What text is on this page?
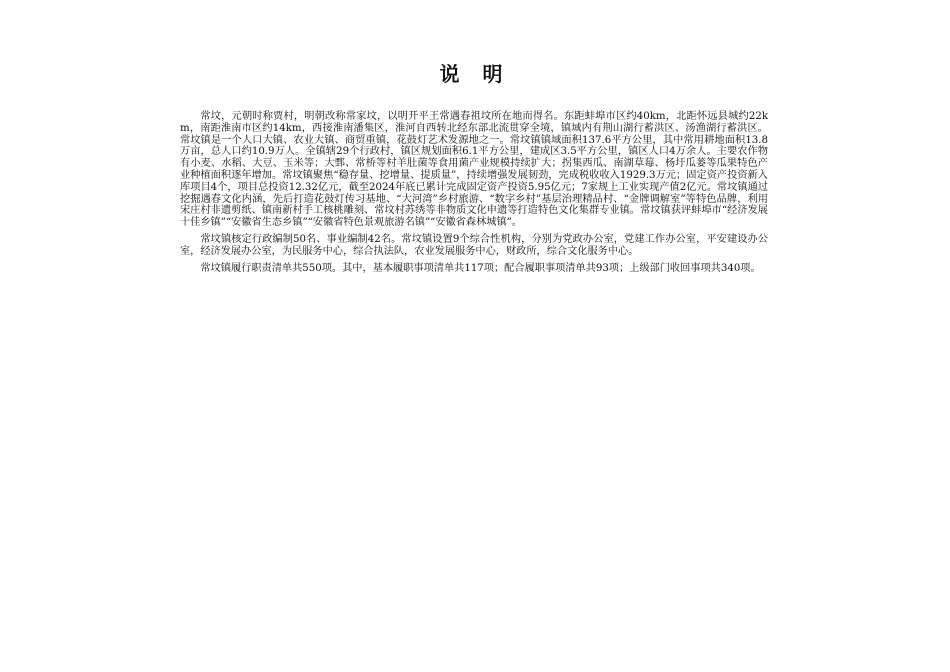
说 明

常坟，元朝时称贾村，明朝改称常家坟，以明开平王常遇春祖坟所在地而得名。东距蚌埠市区约40km，北距怀远县城约22km，南距淮南市区约14km，西接淮南潘集区，淮河自西转北经东部北流贯穿全境，镇域内有荆山湖行蓄洪区、汤渔湖行蓄洪区。常坟镇是一个人口大镇、农业大镇、商贸重镇，花鼓灯艺术发源地之一。常坟镇镇域面积137.6平方公里，其中常用耕地面积13.8万亩，总人口约10.9万人。全镇辖29个行政村，镇区规划面积6.1平方公里，建成区3.5平方公里，镇区人口4万余人。主要农作物有小麦、水稻、大豆、玉米等；大鄄、常桥等村羊肚菌等食用菌产业规模持续扩大；拐集西瓜、南湖草莓、杨圩瓜蒌等瓜果特色产业种植面积逐年增加。常坟镇聚焦“稳存量、挖增量、提质量”，持续增强发展韧劲，完成税收收入1929.3万元；固定资产投资新入库项目4个，项目总投资12.32亿元，截至2024年底已累计完成固定资产投资5.95亿元；7家规上工业实现产值2亿元。常坟镇通过挖掘遇春文化内涵，先后打造花鼓灯传习基地、“大河湾”乡村旅游、“数字乡村”基层治理精品村、“金牌调解室”等特色品牌，利用宋庄村非遗剪纸、镇南新村手工核桃雕刻、常坟村苏绣等非物质文化申遗等打造特色文化集群专业镇。常坟镇获评蚌埠市“经济发展十佳乡镇”“安徽省生态乡镇”“安徽省特色景观旅游名镇”“安徽省森林城镇”。

常坟镇核定行政编制50名、事业编制42名。常坟镇设置9个综合性机构，分别为党政办公室，党建工作办公室，平安建设办公室，经济发展办公室，为民服务中心，综合执法队，农业发展服务中心，财政所，综合文化服务中心。

常坟镇履行职责清单共550项。其中，基本履职事项清单共117项；配合履职事项清单共93项；上级部门收回事项共340项。
